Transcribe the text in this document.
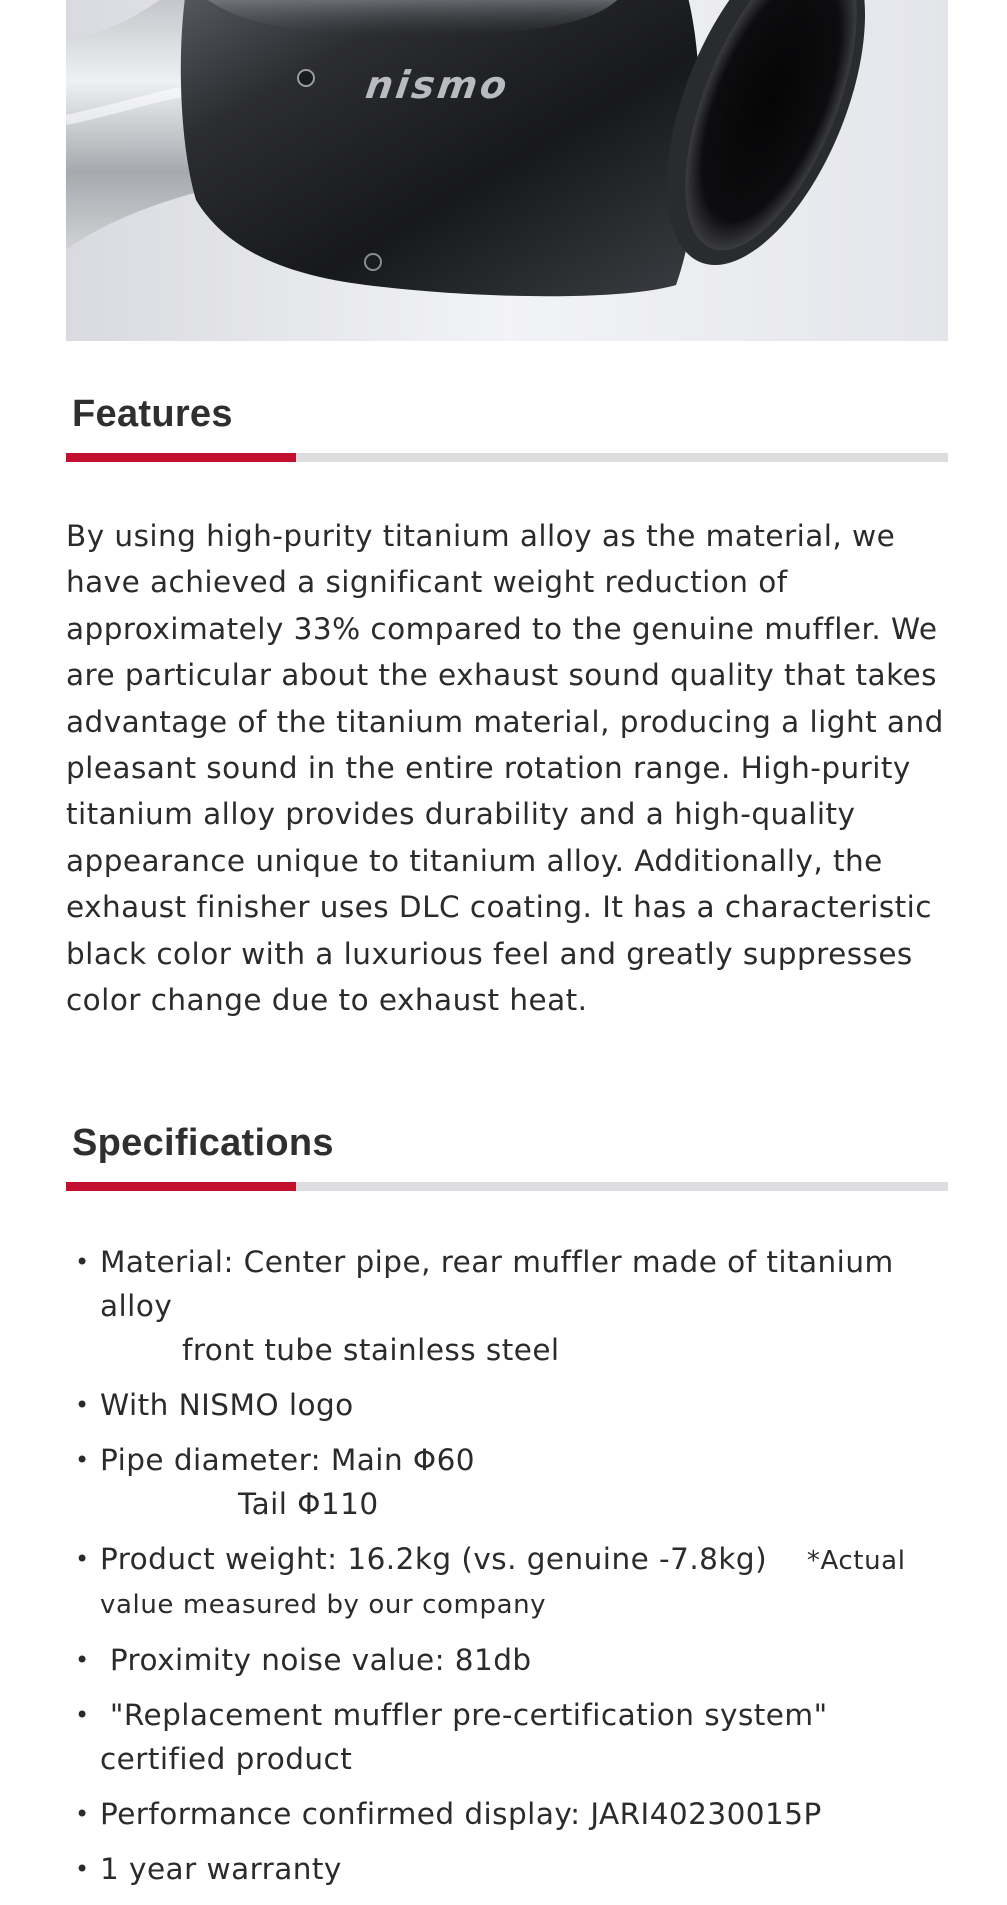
nismo
Features

By using high-purity titanium alloy as the material, we have achieved a significant weight reduction of approximately 33% compared to the genuine muffler. We are particular about the exhaust sound quality that takes advantage of the titanium material, producing a light and pleasant sound in the entire rotation range. High-purity titanium alloy provides durability and a high-quality appearance unique to titanium alloy. Additionally, the exhaust finisher uses DLC coating. It has a characteristic black color with a luxurious feel and greatly suppresses color change due to exhaust heat.

Specifications
• Material: Center pipe, rear muffler made of titanium alloy
front tube stainless steel
• With NISMO logo
• Pipe diameter: Main Φ60
Tail Φ110
• Product weight: 16.2kg (vs. genuine -7.8kg) *Actual
value measured by our company
• Proximity noise value: 81db
• "Replacement muffler pre-certification system" certified product
• Performance confirmed display: JARI40230015P
• 1 year warranty
